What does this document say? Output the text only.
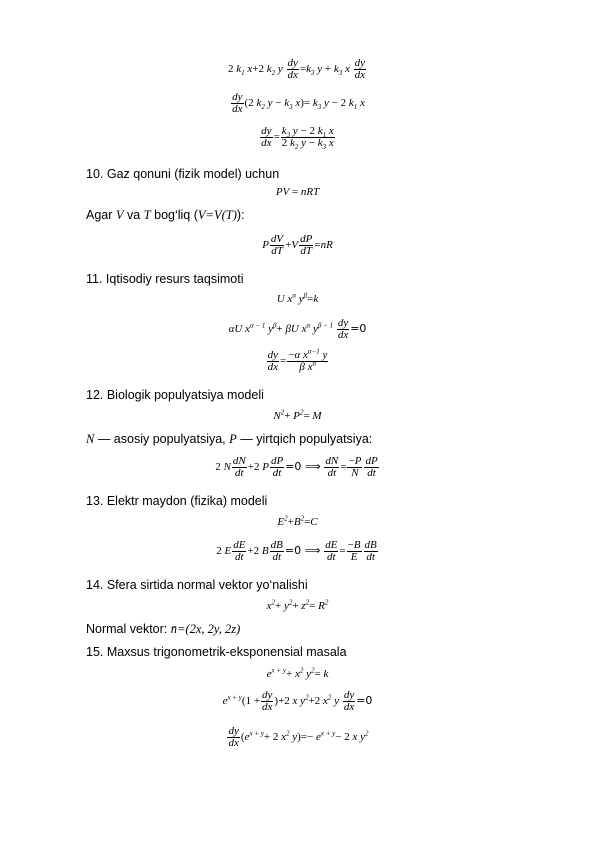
2 $k_1$ x+2 $k_2$ y $\frac{dy}{dx} =k_3$ $y + k_3$ x $\frac{dy}{dx}$
$\frac{dy}{dx} (2$ $k_2$ $y - k_3$ $x)= k_3$ y − 2 $k_1$ x
$\frac{dy}{dx} = \frac{k_3 y - 2 k_1 x}{2 k_2 y - k_3 x}$
10. Gaz qonuni (fizik model) uchun
PV = nRT
Agar V va T bog‘liq (V=V(T)):
P $\frac{dV}{dT} +V \frac{dP}{dT} =nR$
11. Iqtisodiy resurs taqsimoti
U $x^\alpha$ $y^\beta=k$
αU $x^{\alpha - 1}$ $y^\beta+ \beta U$ $x^\alpha$ $y^{\beta - 1} \frac{dy}{dx} =0$
$\frac{dy}{dx} = \frac{-\alpha x^{\alpha-1} y}{\beta x^\alpha}$
12. Biologik populyatsiya modeli
$N^2+ P^2= M$
N — asosiy populyatsiya, P — yirtqich populyatsiya:
2 N $\frac{dN}{dt} +2$ P $\frac{dP}{dt} =0$ ⟹ $\frac{dN}{dt} = \frac{-P}{N} \frac{dP}{dt}$
13. Elektr maydon (fizika) modeli
$E^2+B^2=C$
2 E $\frac{dE}{dt} +2$ B $\frac{dB}{dt} =0$ ⟹ $\frac{dE}{dt} = \frac{-B}{E} \frac{dB}{dt}$
14. Sfera sirtida normal vektor yo‘nalishi
$x^2+ y^2+ z^2= R^2$
Normal vektor: n̄=(2x, 2y, 2z)
15. Maxsus trigonometrik-eksponensial masala
$e^{x + y}+ x^2$ $y^2= k$
$e^{x + y}(1 + \frac{dy}{dx} )+2$ x $y^2+2$ $x^2$ y $\frac{dy}{dx} =0$
$\frac{dy}{dx} (e^{x + y}+ 2$ $x^2$ $y)=- e^{x + y}- 2$ x $y^2$
